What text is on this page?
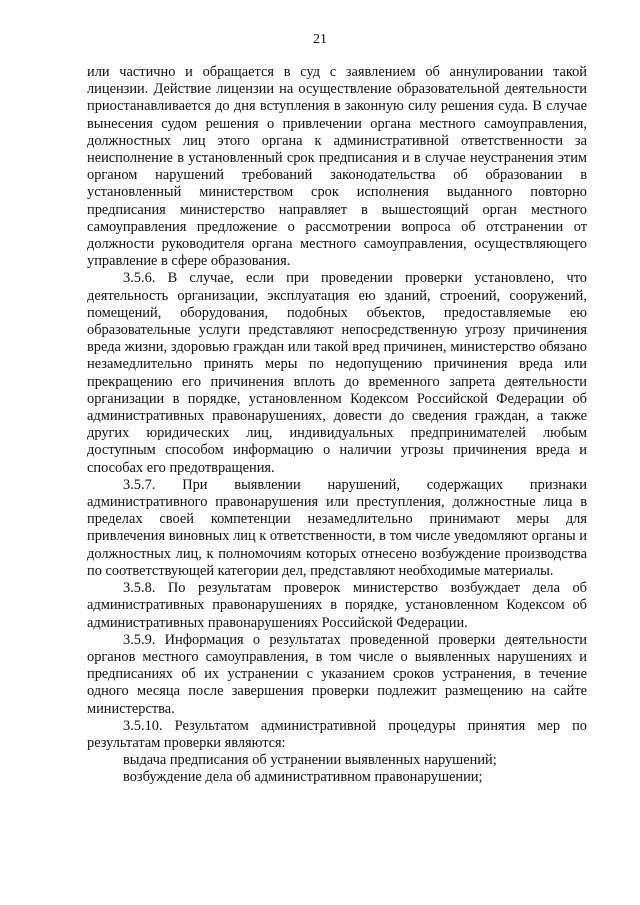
21

или частично и обращается в суд с заявлением об аннулировании такой лицензии. Действие лицензии на осуществление образовательной деятельности приостанавливается до дня вступления в законную силу решения суда. В случае вынесения судом решения о привлечении органа местного самоуправления, должностных лиц этого органа к административной ответственности за неисполнение в установленный срок предписания и в случае неустранения этим органом нарушений требований законодательства об образовании в установленный министерством срок исполнения выданного повторно предписания министерство направляет в вышестоящий орган местного самоуправления предложение о рассмотрении вопроса об отстранении от должности руководителя органа местного самоуправления, осуществляющего управление в сфере образования.

3.5.6. В случае, если при проведении проверки установлено, что деятельность организации, эксплуатация ею зданий, строений, сооружений, помещений, оборудования, подобных объектов, предоставляемые ею образовательные услуги представляют непосредственную угрозу причинения вреда жизни, здоровью граждан или такой вред причинен, министерство обязано незамедлительно принять меры по недопущению причинения вреда или прекращению его причинения вплоть до временного запрета деятельности организации в порядке, установленном Кодексом Российской Федерации об административных правонарушениях, довести до сведения граждан, а также других юридических лиц, индивидуальных предпринимателей любым доступным способом информацию о наличии угрозы причинения вреда и способах его предотвращения.

3.5.7. При выявлении нарушений, содержащих признаки административного правонарушения или преступления, должностные лица в пределах своей компетенции незамедлительно принимают меры для привлечения виновных лиц к ответственности, в том числе уведомляют органы и должностных лиц, к полномочиям которых отнесено возбуждение производства по соответствующей категории дел, представляют необходимые материалы.

3.5.8. По результатам проверок министерство возбуждает дела об административных правонарушениях в порядке, установленном Кодексом об административных правонарушениях Российской Федерации.

3.5.9. Информация о результатах проведенной проверки деятельности органов местного самоуправления, в том числе о выявленных нарушениях и предписаниях об их устранении с указанием сроков устранения, в течение одного месяца после завершения проверки подлежит размещению на сайте министерства.

3.5.10. Результатом административной процедуры принятия мер по результатам проверки являются:

выдача предписания об устранении выявленных нарушений;

возбуждение дела об административном правонарушении;
